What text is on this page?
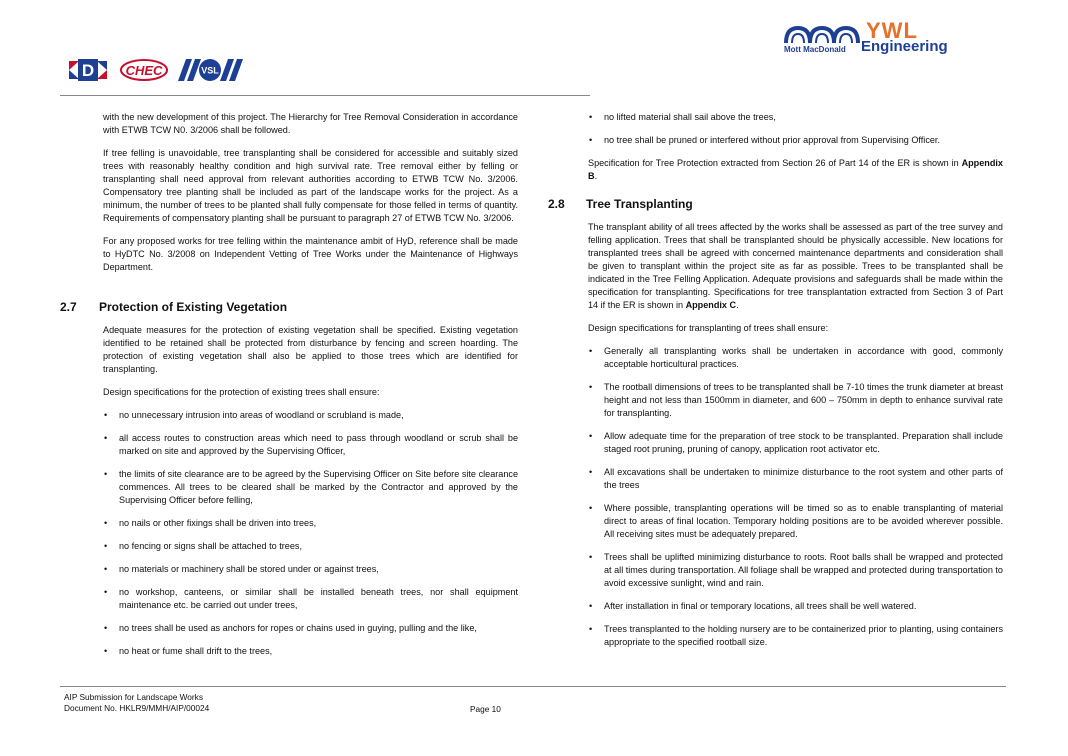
D CHEC	VSL
Mott MacDonald
YWL
Engineering

with the new development of this project. The Hierarchy for Tree Removal Consideration in accordance with ETWB TCW N0. 3/2006 shall be followed.

If tree felling is unavoidable, tree transplanting shall be considered for accessible and suitably sized trees with reasonably healthy condition and high survival rate. Tree removal either by felling or transplanting shall need approval from relevant authorities according to ETWB TCW No. 3/2006. Compensatory tree planting shall be included as part of the landscape works for the project. As a minimum, the number of trees to be planted shall fully compensate for those felled in terms of quantity. Requirements of compensatory planting shall be pursuant to paragraph 27 of ETWB TCW No. 3/2006.

For any proposed works for tree felling within the maintenance ambit of HyD, reference shall be made to HyDTC No. 3/2008 on Independent Vetting of Tree Works under the Maintenance of Highways Department.

2.7	Protection of Existing Vegetation

Adequate measures for the protection of existing vegetation shall be specified. Existing vegetation identified to be retained shall be protected from disturbance by fencing and screen hoarding. The protection of existing vegetation shall also be applied to those trees which are identified for transplanting.

Design specifications for the protection of existing trees shall ensure:

• no unnecessary intrusion into areas of woodland or scrubland is made,
• all access routes to construction areas which need to pass through woodland or scrub shall be marked on site and approved by the Supervising Officer,
• the limits of site clearance are to be agreed by the Supervising Officer on Site before site clearance commences. All trees to be cleared shall be marked by the Contractor and approved by the Supervising Officer before felling,
• no nails or other fixings shall be driven into trees,
• no fencing or signs shall be attached to trees,
• no materials or machinery shall be stored under or against trees,
• no workshop, canteens, or similar shall be installed beneath trees, nor shall equipment maintenance etc. be carried out under trees,
• no trees shall be used as anchors for ropes or chains used in guying, pulling and the like,
• no heat or fume shall drift to the trees,
• no lifted material shall sail above the trees,
• no tree shall be pruned or interfered without prior approval from Supervising Officer.

Specification for Tree Protection extracted from Section 26 of Part 14 of the ER is shown in Appendix B.

2.8	Tree Transplanting

The transplant ability of all trees affected by the works shall be assessed as part of the tree survey and felling application. Trees that shall be transplanted should be physically accessible. New locations for transplanted trees shall be agreed with concerned maintenance departments and consideration shall be given to transplant within the project site as far as possible. Trees to be transplanted shall be indicated in the Tree Felling Application. Adequate provisions and safeguards shall be made within the specification for transplanting. Specifications for tree transplantation extracted from Section 3 of Part 14 if the ER is shown in Appendix C.

Design specifications for transplanting of trees shall ensure:

• Generally all transplanting works shall be undertaken in accordance with good, commonly acceptable horticultural practices.
• The rootball dimensions of trees to be transplanted shall be 7-10 times the trunk diameter at breast height and not less than 1500mm in diameter, and 600 – 750mm in depth to enhance survival rate for transplanting.
• Allow adequate time for the preparation of tree stock to be transplanted. Preparation shall include staged root pruning, pruning of canopy, application root activator etc.
• All excavations shall be undertaken to minimize disturbance to the root system and other parts of the trees
• Where possible, transplanting operations will be timed so as to enable transplanting of material direct to areas of final location. Temporary holding positions are to be avoided wherever possible. All receiving sites must be adequately prepared.
• Trees shall be uplifted minimizing disturbance to roots. Root balls shall be wrapped and protected at all times during transportation. All foliage shall be wrapped and protected during transportation to avoid excessive sunlight, wind and rain.
• After installation in final or temporary locations, all trees shall be well watered.
• Trees transplanted to the holding nursery are to be containerized prior to planting, using containers appropriate to the specified rootball size.
AIP Submission for Landscape Works
Document No. HKLR9/MMH/AIP/00024	Page 10
